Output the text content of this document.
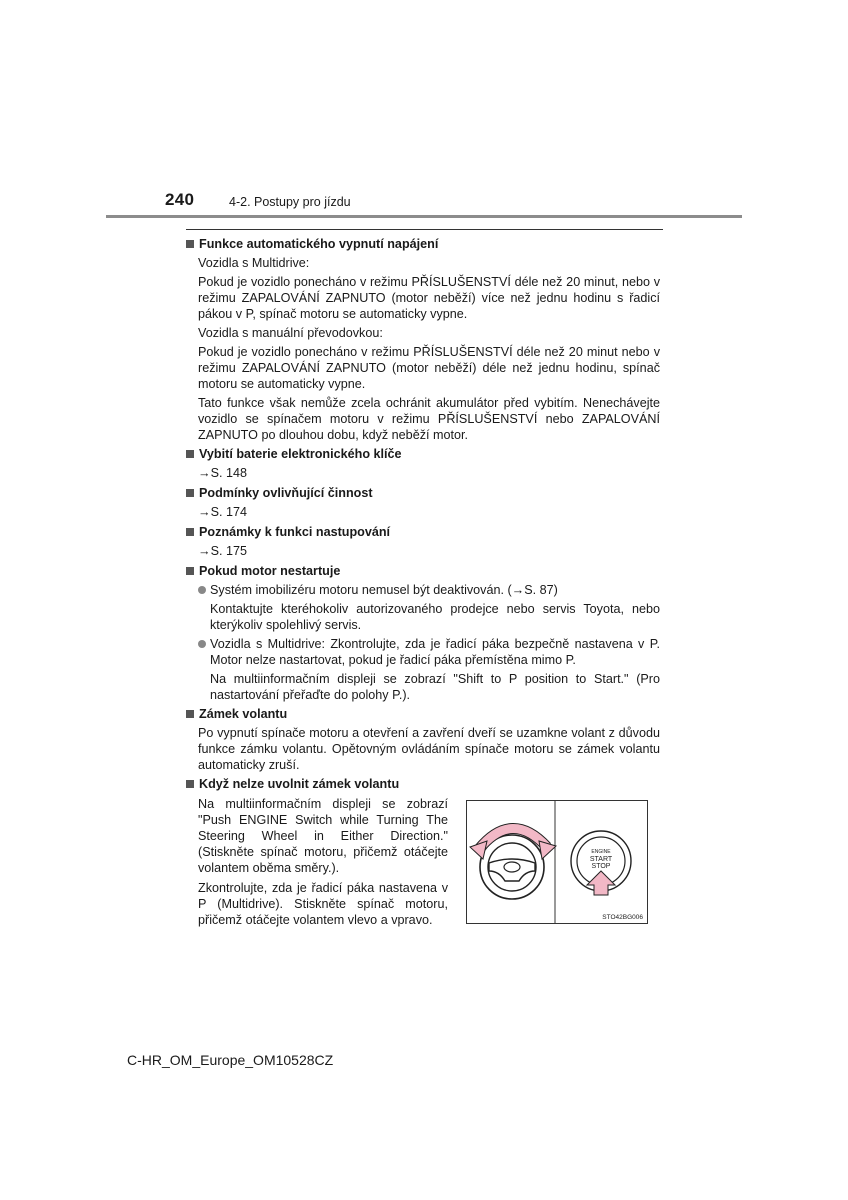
240	4-2. Postupy pro jízdu
Funkce automatického vypnutí napájení
Vozidla s Multidrive:
Pokud je vozidlo ponecháno v režimu PŘÍSLUŠENSTVÍ déle než 20 minut, nebo v režimu ZAPALOVÁNÍ ZAPNUTO (motor neběží) více než jednu hodinu s řadicí pákou v P, spínač motoru se automaticky vypne.
Vozidla s manuální převodovkou:
Pokud je vozidlo ponecháno v režimu PŘÍSLUŠENSTVÍ déle než 20 minut nebo v režimu ZAPALOVÁNÍ ZAPNUTO (motor neběží) déle než jednu hodinu, spínač motoru se automaticky vypne.
Tato funkce však nemůže zcela ochránit akumulátor před vybitím. Nenechávejte vozidlo se spínačem motoru v režimu PŘÍSLUŠENSTVÍ nebo ZAPALOVÁNÍ ZAPNUTO po dlouhou dobu, když neběží motor.
Vybití baterie elektronického klíče
→S. 148
Podmínky ovlivňující činnost
→S. 174
Poznámky k funkci nastupování
→S. 175
Pokud motor nestartuje
Systém imobilizéru motoru nemusel být deaktivován. (→S. 87)
Kontaktujte kteréhokoliv autorizovaného prodejce nebo servis Toyota, nebo kterýkoliv spolehlivý servis.
Vozidla s Multidrive: Zkontrolujte, zda je řadicí páka bezpečně nastavena v P. Motor nelze nastartovat, pokud je řadicí páka přemístěna mimo P.
Na multiinformačním displeji se zobrazí "Shift to P position to Start." (Pro nastartování přeřaďte do polohy P.).
Zámek volantu
Po vypnutí spínače motoru a otevření a zavření dveří se uzamkne volant z důvodu funkce zámku volantu. Opětovným ovládáním spínače motoru se zámek volantu automaticky zruší.
Když nelze uvolnit zámek volantu
Na multiinformačním displeji se zobrazí "Push ENGINE Switch while Turning The Steering Wheel in Either Direction." (Stiskněte spínač motoru, přičemž otáčejte volantem oběma směry.).
Zkontrolujte, zda je řadicí páka nastavena v P (Multidrive). Stiskněte spínač motoru, přičemž otáčejte volantem vlevo a vpravo.
ENGINE
START
STOP
STO42BG006
C-HR_OM_Europe_OM10528CZ
